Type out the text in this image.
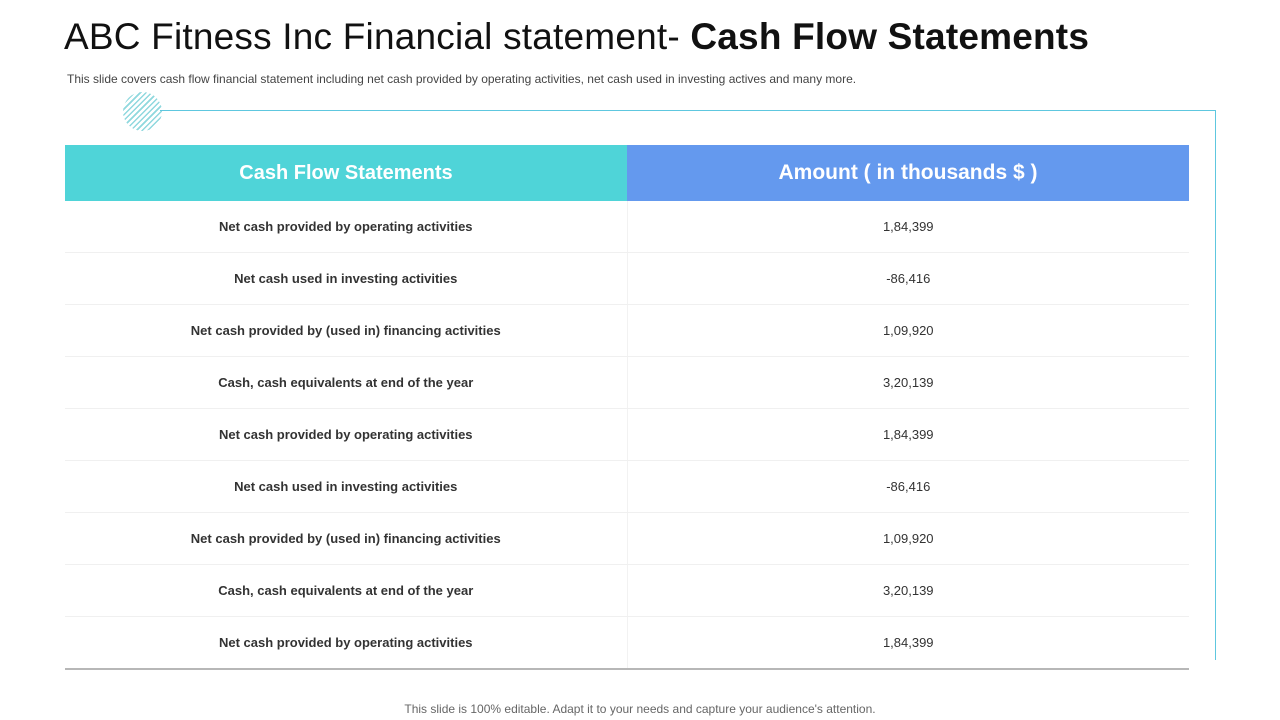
ABC Fitness Inc Financial statement- Cash Flow Statements
This slide covers cash flow financial statement including net cash provided by operating activities, net cash used in investing actives and many more.
Cash Flow Statements	Amount ( in thousands $ )
Net cash provided by operating activities	1,84,399
Net cash used in investing activities	-86,416
Net cash provided by (used in) financing activities	1,09,920
Cash, cash equivalents at end of the year	3,20,139
Net cash provided by operating activities	1,84,399
Net cash used in investing activities	-86,416
Net cash provided by (used in) financing activities	1,09,920
Cash, cash equivalents at end of the year	3,20,139
Net cash provided by operating activities	1,84,399
This slide is 100% editable. Adapt it to your needs and capture your audience's attention.
